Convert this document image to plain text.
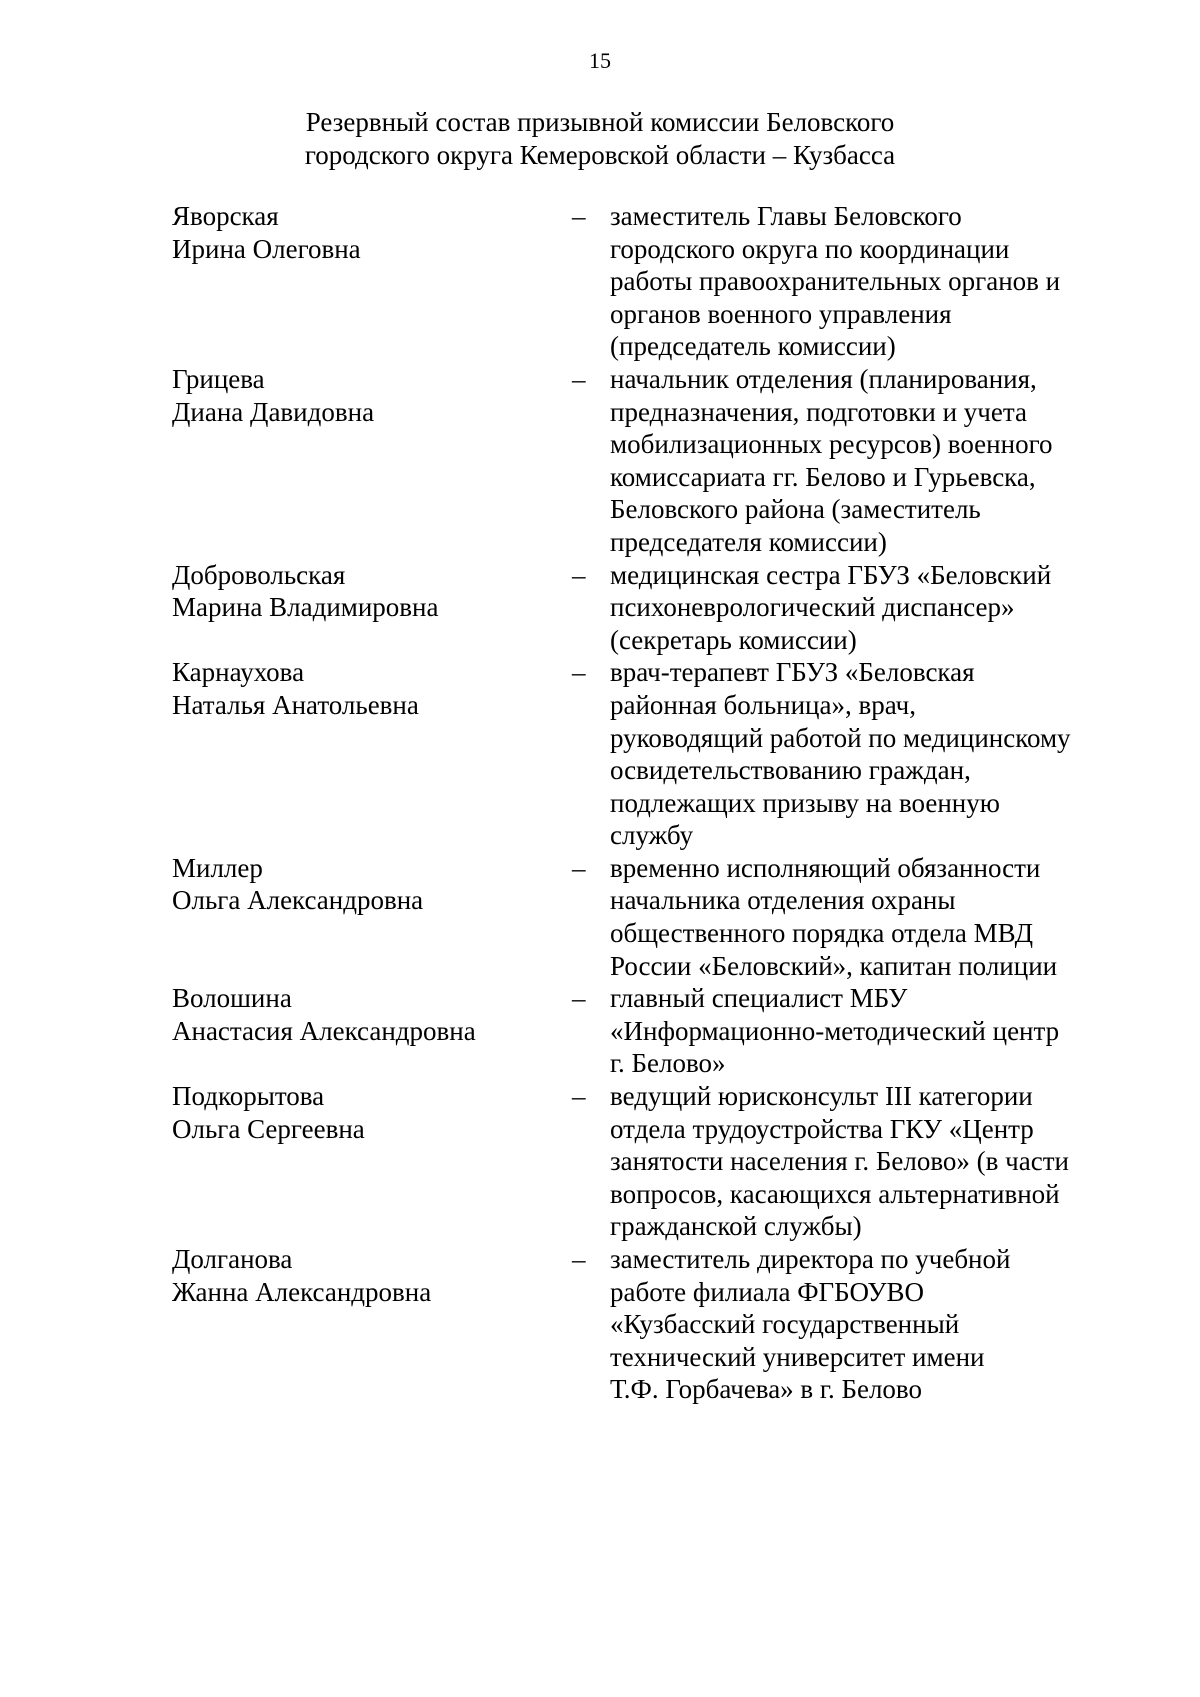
15
Резервный состав призывной комиссии Беловского
городского округа Кемеровской области – Кузбасса
Яворская
Ирина Олеговна
– заместитель Главы Беловского
городского округа по координации
работы правоохранительных органов и
органов военного управления
(председатель комиссии)
Грицева
Диана Давидовна
– начальник отделения (планирования,
предназначения, подготовки и учета
мобилизационных ресурсов) военного
комиссариата гг. Белово и Гурьевска,
Беловского района (заместитель
председателя комиссии)
Добровольская
Марина Владимировна
– медицинская сестра ГБУЗ «Беловский
психоневрологический диспансер»
(секретарь комиссии)
Карнаухова
Наталья Анатольевна
– врач-терапевт ГБУЗ «Беловская
районная больница», врач,
руководящий работой по медицинскому
освидетельствованию граждан,
подлежащих призыву на военную
службу
Миллер
Ольга Александровна
– временно исполняющий обязанности
начальника отделения охраны
общественного порядка отдела МВД
России «Беловский», капитан полиции
Волошина
Анастасия Александровна
– главный специалист МБУ
«Информационно-методический центр
г. Белово»
Подкорытова
Ольга Сергеевна
– ведущий юрисконсульт III категории
отдела трудоустройства ГКУ «Центр
занятости населения г. Белово» (в части
вопросов, касающихся альтернативной
гражданской службы)
Долганова
Жанна Александровна
– заместитель директора по учебной
работе филиала ФГБОУВО
«Кузбасский государственный
технический университет имени
Т.Ф. Горбачева» в г. Белово
